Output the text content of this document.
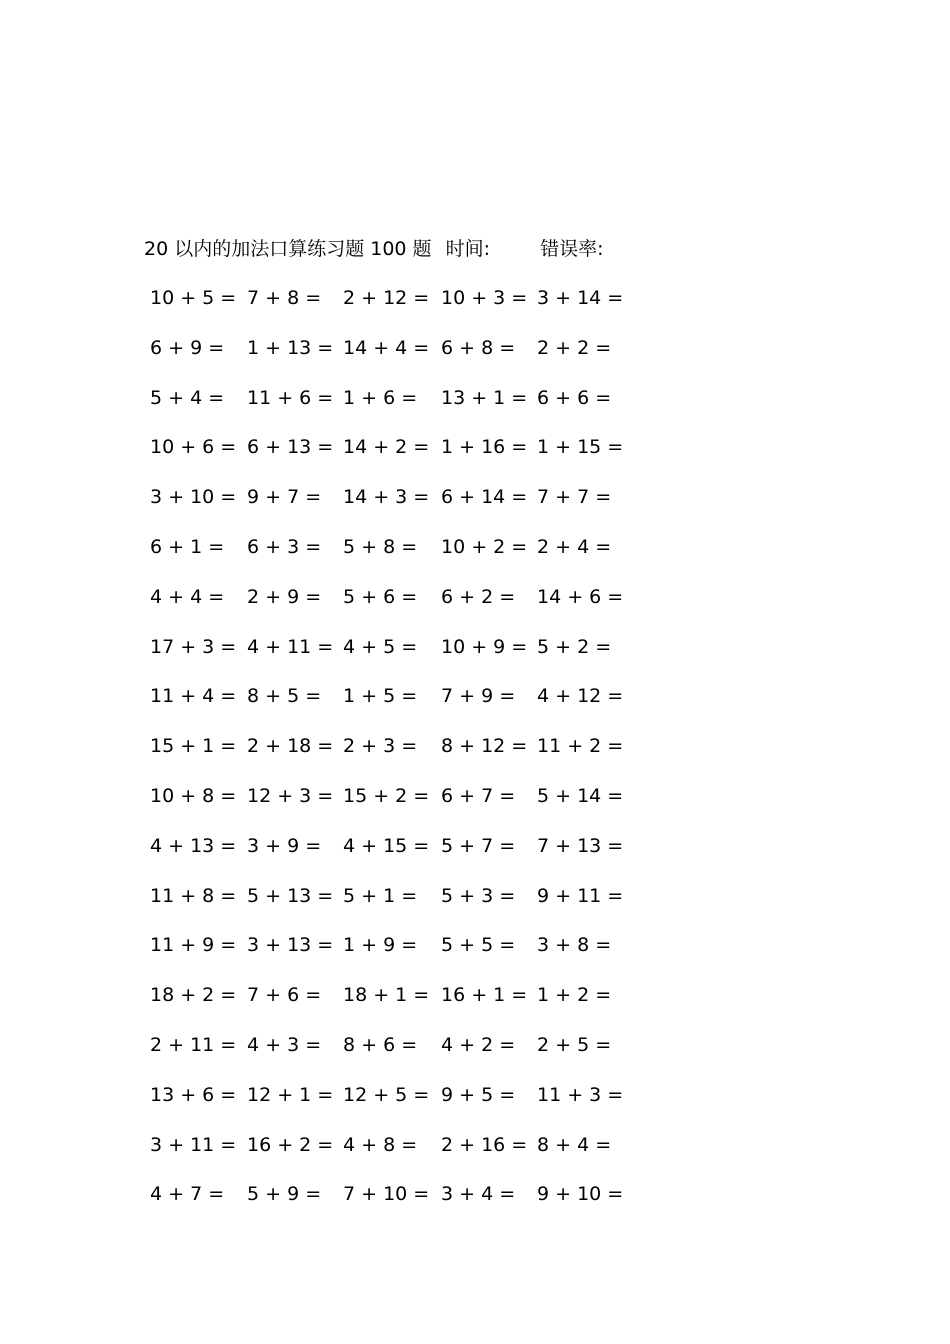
20 以内的加法口算练习题 100 题 时间:	错误率:
10 + 5 = 7 + 8 =	2 + 12 = 10 + 3 = 3 + 14 =
6 + 9 =	1 + 13 = 14 + 4 = 6 + 8 =	2 + 2 =
5 + 4 =	11 + 6 = 1 + 6 =	13 + 1 = 6 + 6 =
10 + 6 = 6 + 13 = 14 + 2 = 1 + 16 = 1 + 15 =
3 + 10 = 9 + 7 =	14 + 3 = 6 + 14 = 7 + 7 =
6 + 1 =	6 + 3 =	5 + 8 =	10 + 2 = 2 + 4 =
4 + 4 =	2 + 9 =	5 + 6 =	6 + 2 =	14 + 6 =
17 + 3 = 4 + 11 = 4 + 5 =	10 + 9 = 5 + 2 =
11 + 4 = 8 + 5 =	1 + 5 =	7 + 9 =	4 + 12 =
15 + 1 = 2 + 18 = 2 + 3 =	8 + 12 = 11 + 2 =
10 + 8 = 12 + 3 = 15 + 2 = 6 + 7 =	5 + 14 =
4 + 13 = 3 + 9 =	4 + 15 = 5 + 7 =	7 + 13 =
11 + 8 = 5 + 13 = 5 + 1 =	5 + 3 =	9 + 11 =
11 + 9 = 3 + 13 = 1 + 9 =	5 + 5 =	3 + 8 =
18 + 2 = 7 + 6 =	18 + 1 = 16 + 1 = 1 + 2 =
2 + 11 = 4 + 3 =	8 + 6 =	4 + 2 =	2 + 5 =
13 + 6 = 12 + 1 = 12 + 5 = 9 + 5 =	11 + 3 =
3 + 11 = 16 + 2 = 4 + 8 =	2 + 16 = 8 + 4 =
4 + 7 =	5 + 9 =	7 + 10 = 3 + 4 =	9 + 10 =
